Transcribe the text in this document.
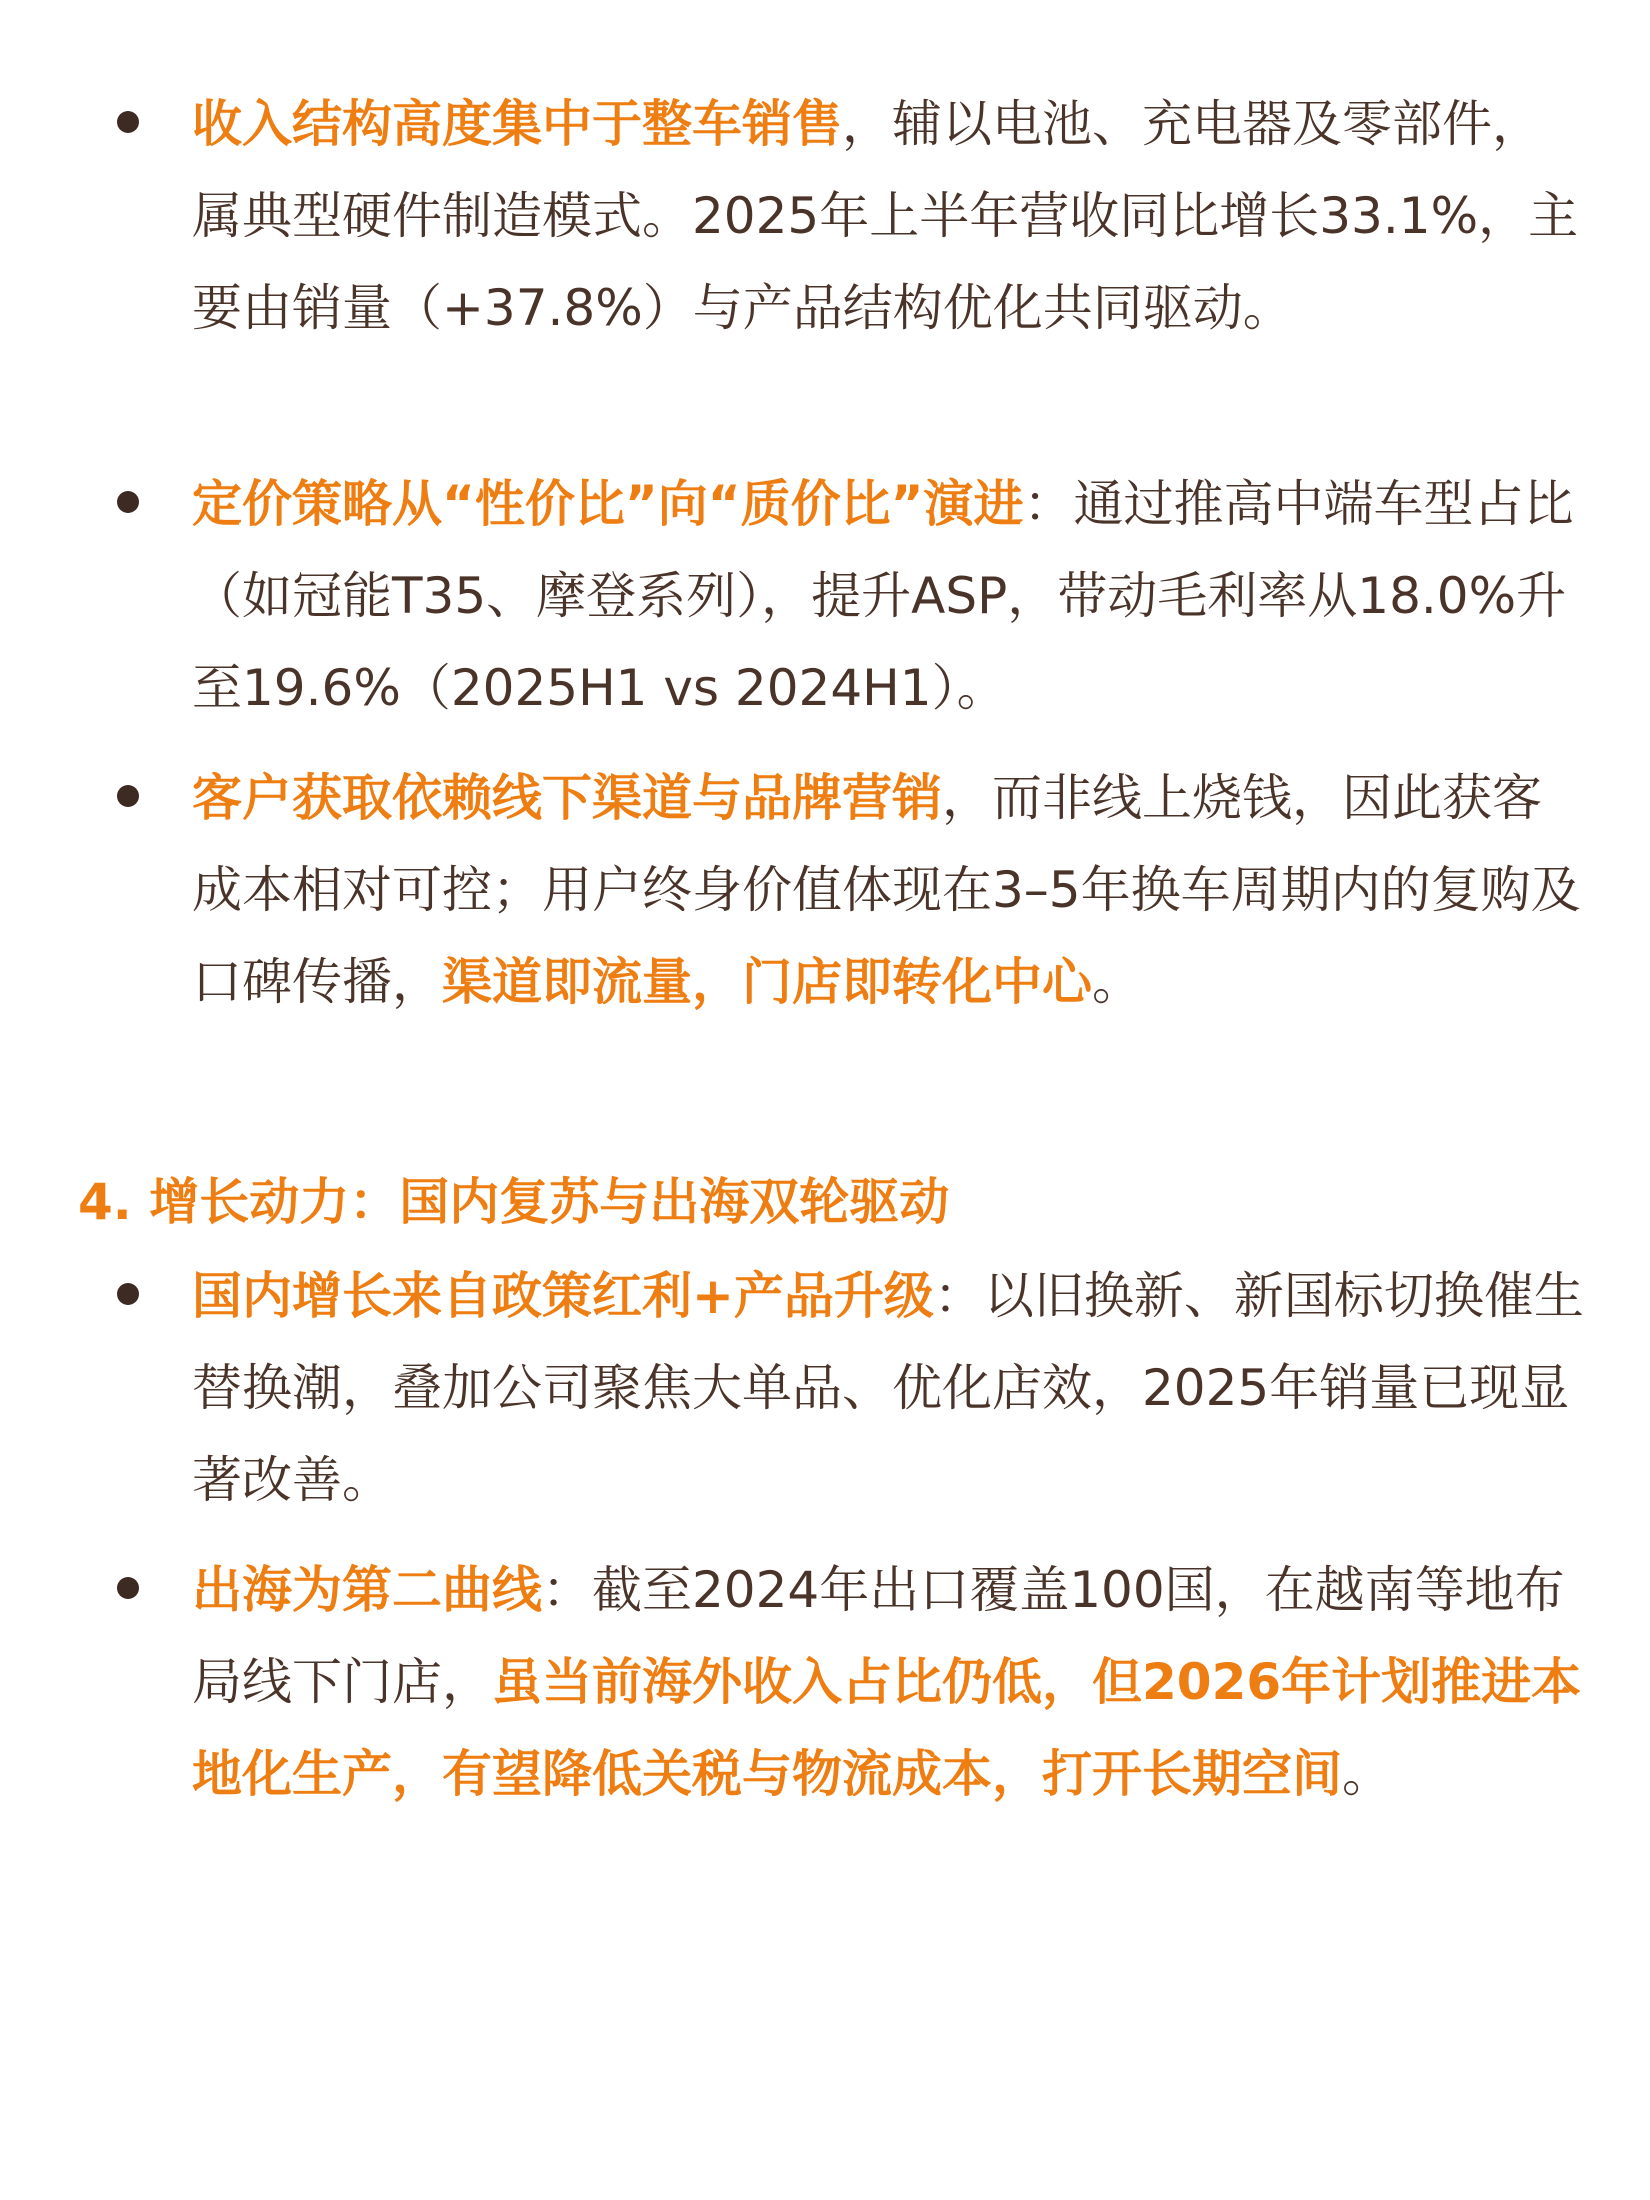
收入结构高度集中于整车销售，辅以电池、充电器及零部件，属典型硬件制造模式。2025年上半年营收同比增长33.1%，主要由销量（+37.8%）与产品结构优化共同驱动。
定价策略从“性价比”向“质价比”演进：通过推高中端车型占比（如冠能T35、摩登系列），提升ASP，带动毛利率从18.0%升至19.6%（2025H1 vs 2024H1）。
客户获取依赖线下渠道与品牌营销，而非线上烧钱，因此获客成本相对可控；用户终身价值体现在3–5年换车周期内的复购及口碑传播，渠道即流量，门店即转化中心。
4. 增长动力：国内复苏与出海双轮驱动
国内增长来自政策红利+产品升级：以旧换新、新国标切换催生替换潮，叠加公司聚焦大单品、优化店效，2025年销量已现显著改善。
出海为第二曲线：截至2024年出口覆盖100国，在越南等地布局线下门店，虽当前海外收入占比仍低，但2026年计划推进本地化生产，有望降低关税与物流成本，打开长期空间。
